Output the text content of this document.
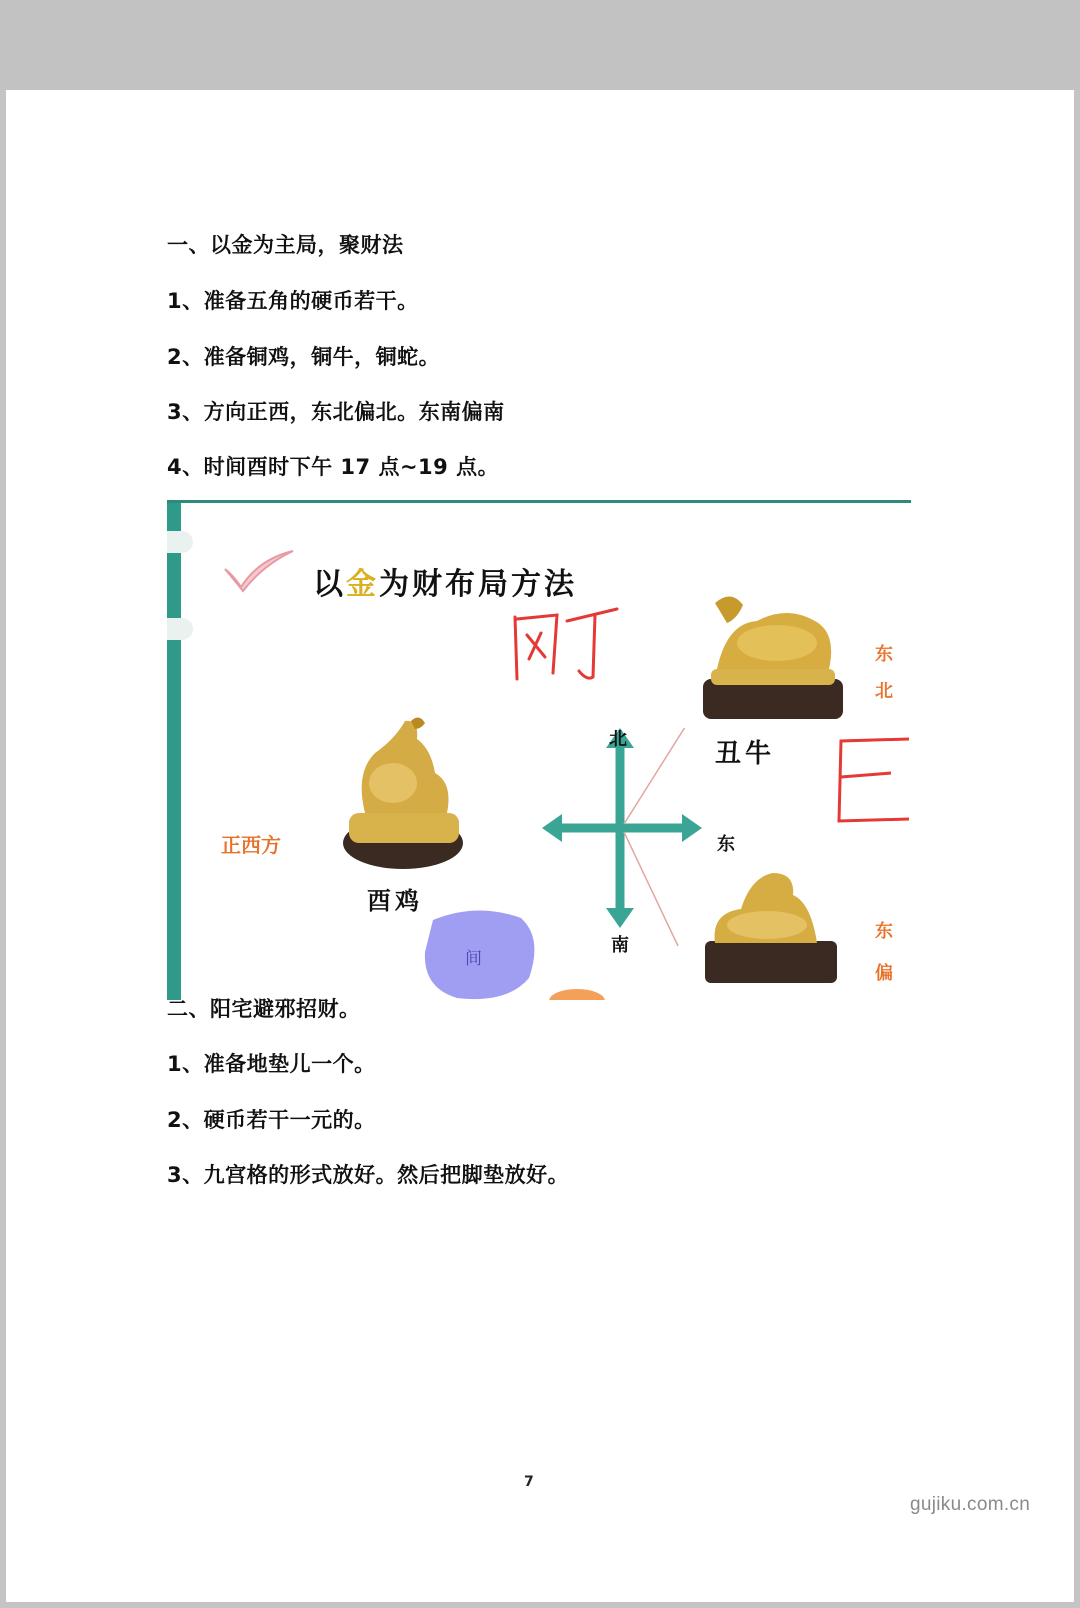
一、以金为主局，聚财法
1、准备五角的硬币若干。
2、准备铜鸡，铜牛，铜蛇。
3、方向正西，东北偏北。东南偏南
4、时间酉时下午 17 点~19 点。
以金为财布局方法
北
东
南
丑牛
酉鸡
正西方
东
北
东
偏
间
二、阳宅避邪招财。
1、准备地垫儿一个。
2、硬币若干一元的。
3、九宫格的形式放好。然后把脚垫放好。
7
gujiku.com.cn
